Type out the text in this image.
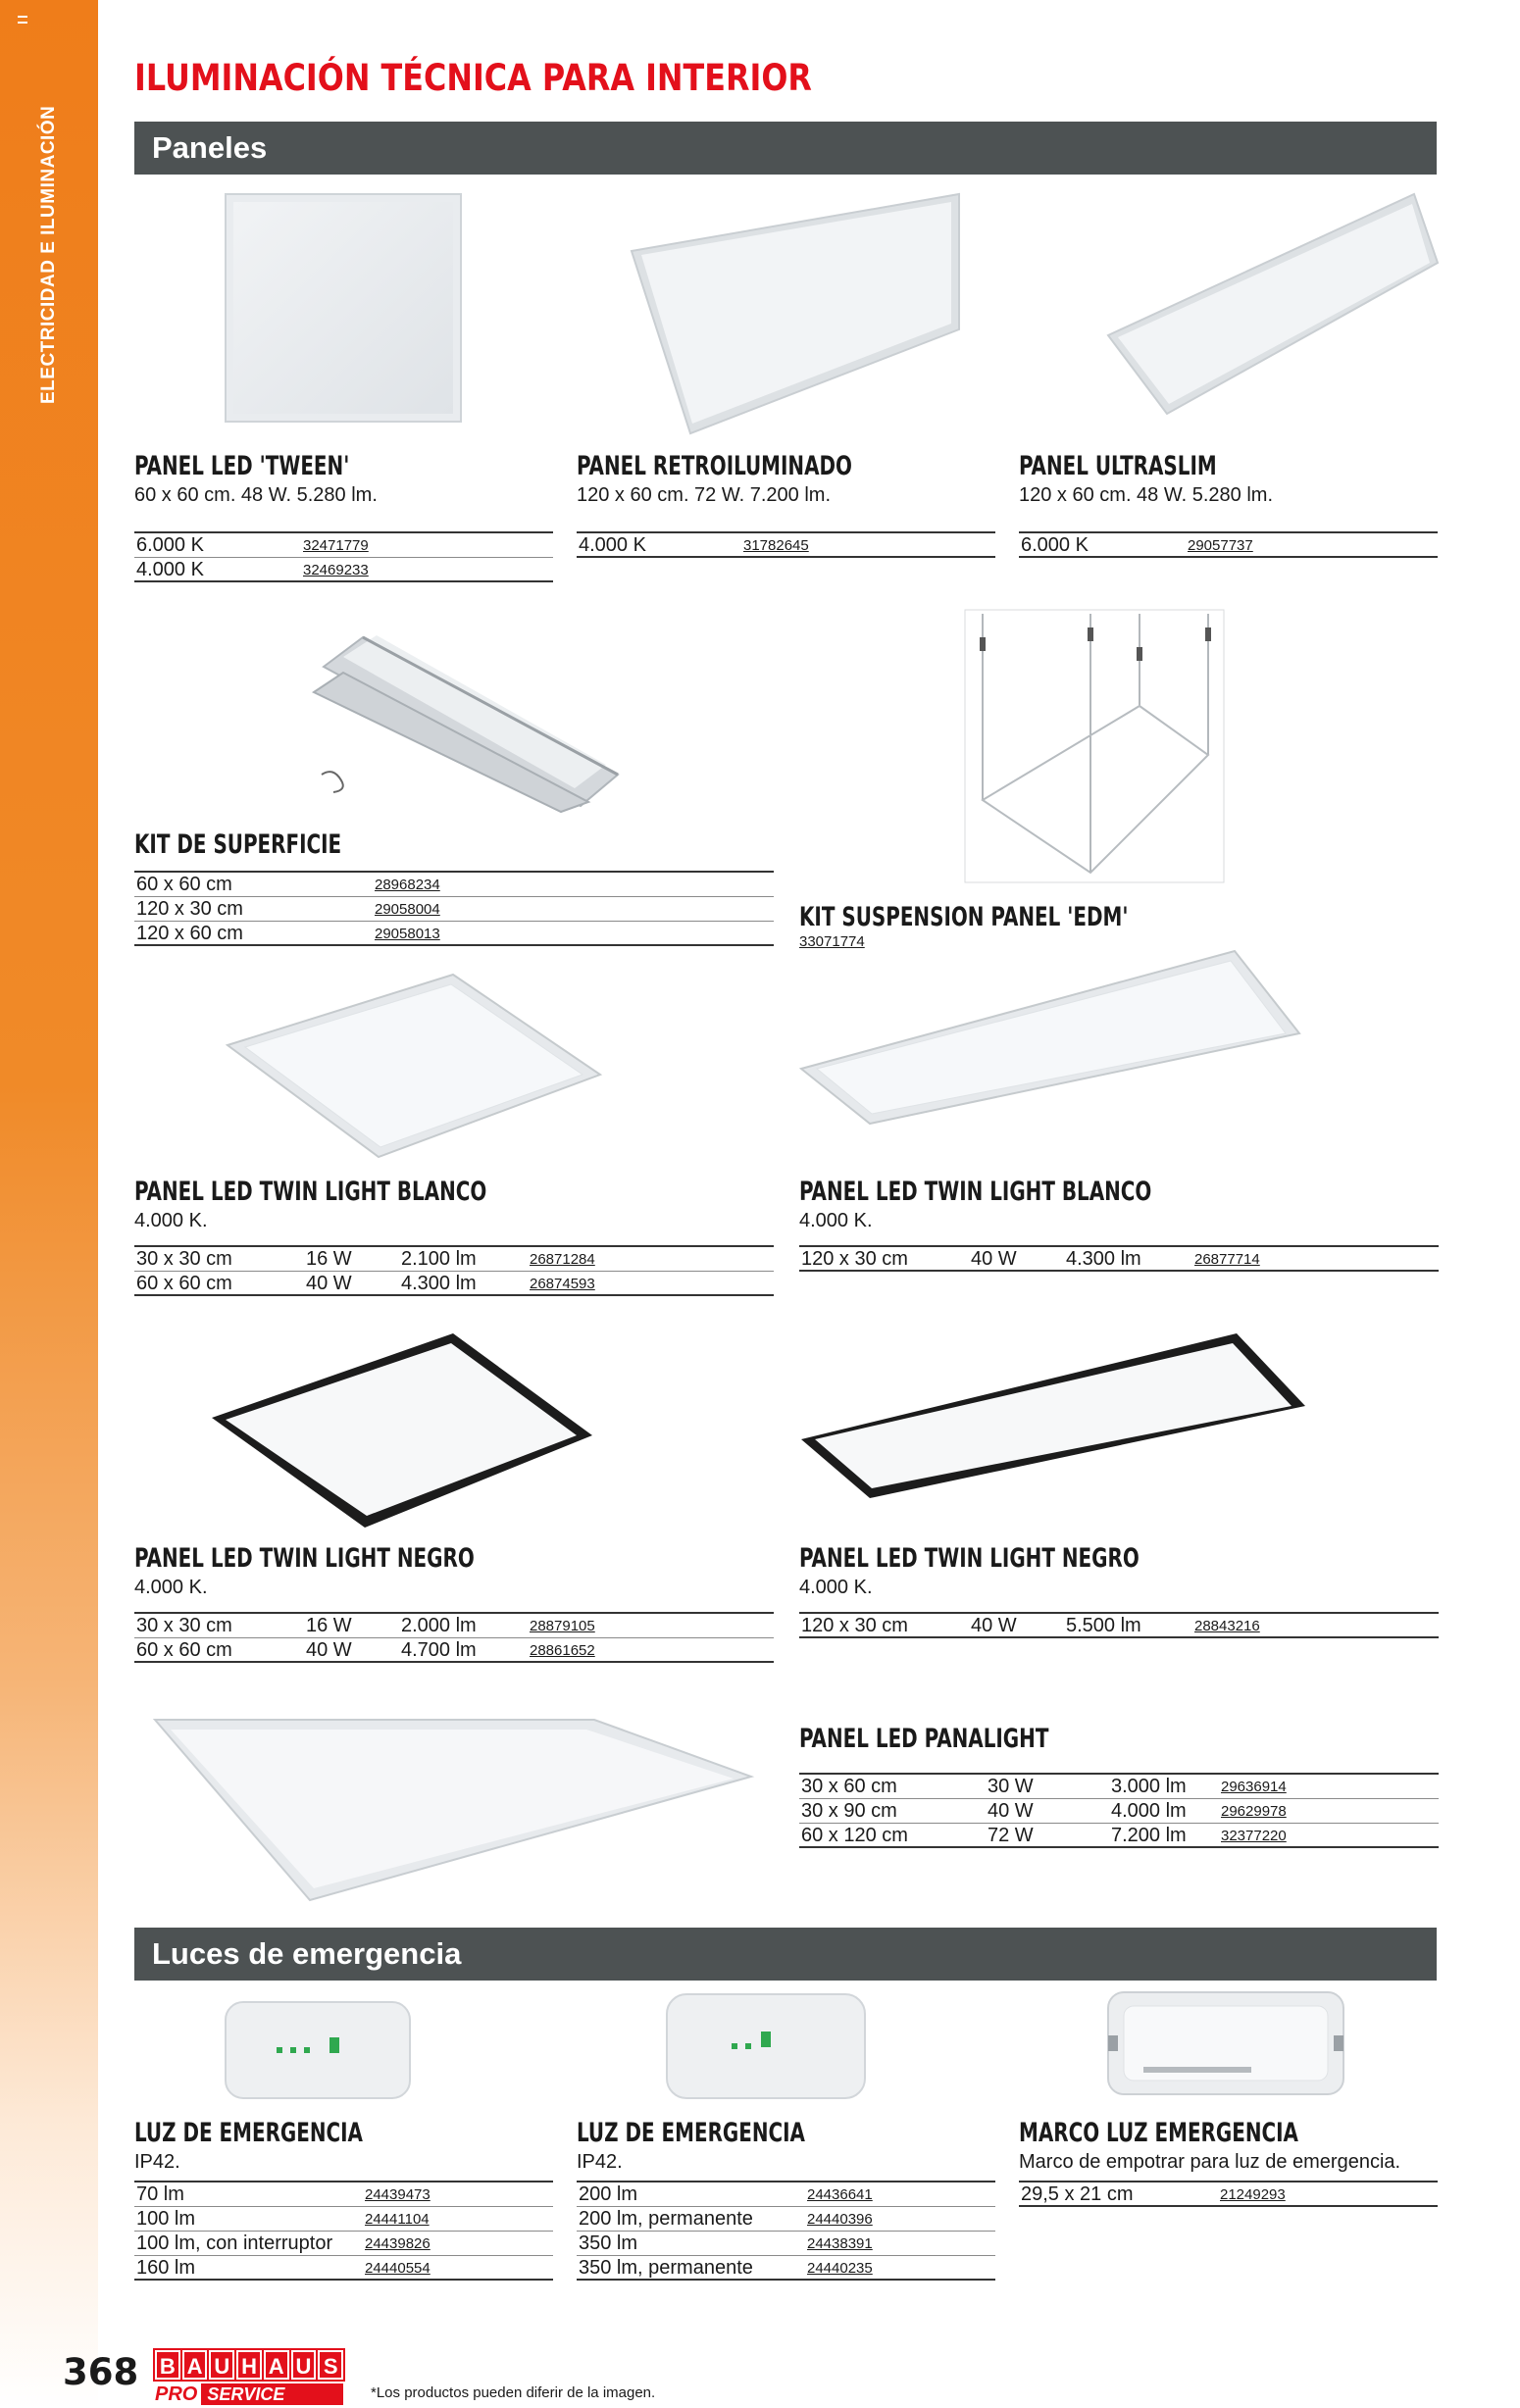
ELECTRICIDAD E ILUMINACIÓN
ILUMINACIÓN TÉCNICA PARA INTERIOR
Paneles
PANEL LED 'TWEEN'
60 x 60 cm. 48 W. 5.280 lm.
6.000 K	32471779
4.000 K	32469233
PANEL RETROILUMINADO
120 x 60 cm. 72 W. 7.200 lm.
4.000 K	31782645
PANEL ULTRASLIM
120 x 60 cm. 48 W. 5.280 lm.
6.000 K	29057737
KIT DE SUPERFICIE
60 x 60 cm	28968234
120 x 30 cm	29058004
120 x 60 cm	29058013
KIT SUSPENSION PANEL 'EDM'
33071774
PANEL LED TWIN LIGHT BLANCO
4.000 K.
30 x 30 cm	16 W	2.100 lm	26871284
60 x 60 cm	40 W	4.300 lm	26874593
PANEL LED TWIN LIGHT BLANCO
4.000 K.
120 x 30 cm	40 W	4.300 lm	26877714
PANEL LED TWIN LIGHT NEGRO
4.000 K.
30 x 30 cm	16 W	2.000 lm	28879105
60 x 60 cm	40 W	4.700 lm	28861652
PANEL LED TWIN LIGHT NEGRO
4.000 K.
120 x 30 cm	40 W	5.500 lm	28843216
PANEL LED PANALIGHT
30 x 60 cm	30 W	3.000 lm 29636914
30 x 90 cm	40 W	4.000 lm 29629978
60 x 120 cm	72 W	7.200 lm 32377220
Luces de emergencia
LUZ DE EMERGENCIA
IP42.
70 lm	24439473
100 lm	24441104
100 lm, con interruptor 24439826
160 lm	24440554
LUZ DE EMERGENCIA
IP42.
200 lm	24436641
200 lm, permanente	24440396
350 lm	24438391
350 lm, permanente	24440235
MARCO LUZ EMERGENCIA
Marco de empotrar para luz de emergencia.
29,5 x 21 cm	21249293
368 B A U H A U S
PRO SERVICE	*Los productos pueden diferir de la imagen.
